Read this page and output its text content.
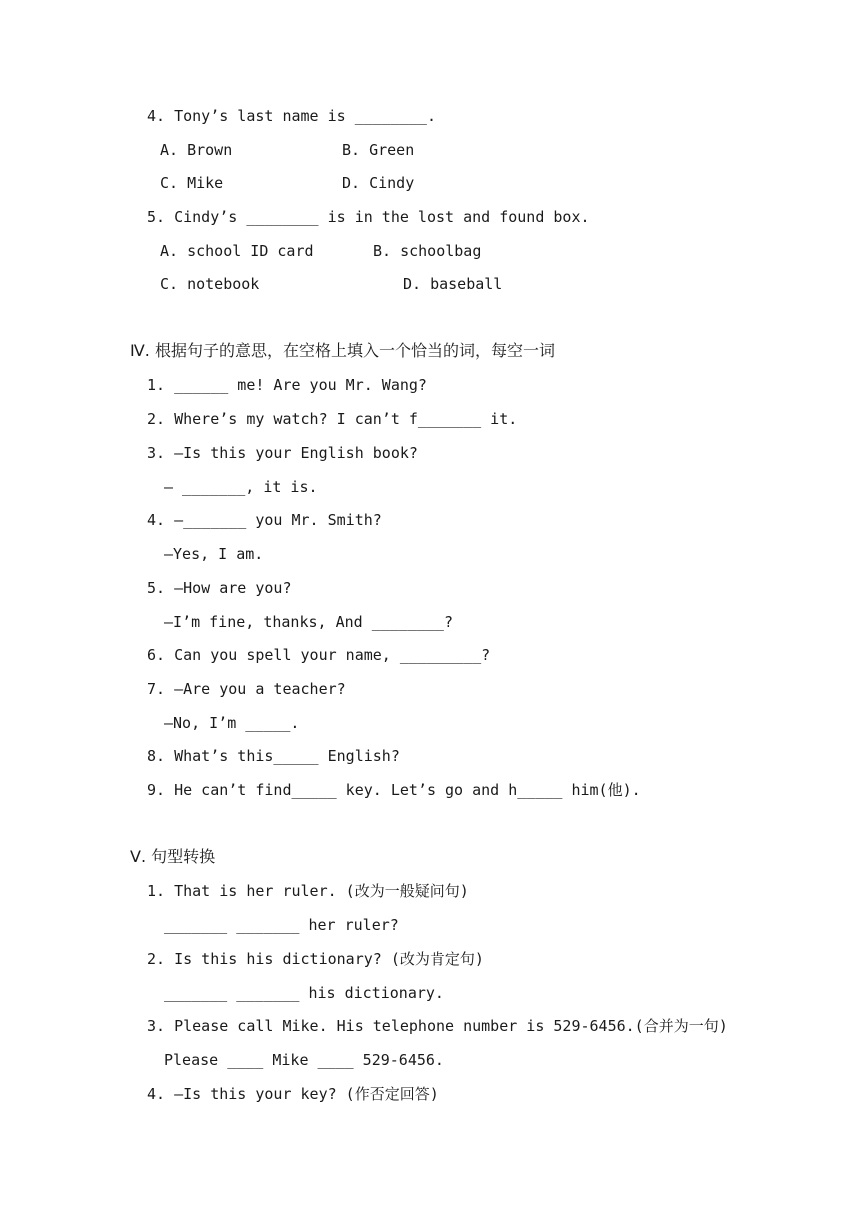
4. Tony’s last name is ________.
A. Brown	B. Green
C. Mike	D. Cindy
5. Cindy’s ________ is in the lost and found box.
A. school ID card	B. schoolbag
C. notebook	D. baseball
Ⅳ. 根据句子的意思，在空格上填入一个恰当的词，每空一词
1. ______ me! Are you Mr. Wang?
2. Where’s my watch? I can’t f_______ it.
3. —Is this your English book?
— _______, it is.
4. —_______ you Mr. Smith?
—Yes, I am.
5. —How are you?
—I’m fine, thanks, And ________?
6. Can you spell your name, _________?
7. —Are you a teacher?
—No, I’m _____.
8. What’s this_____ English?
9. He can’t find_____ key. Let’s go and h_____ him(他).
Ⅴ. 句型转换
1. That is her ruler. (改为一般疑问句)
_______ _______ her ruler?
2. Is this his dictionary? (改为肯定句)
_______ _______ his dictionary.
3. Please call Mike. His telephone number is 529-6456.(合并为一句)
Please ____ Mike ____ 529-6456.
4. —Is this your key? (作否定回答)
